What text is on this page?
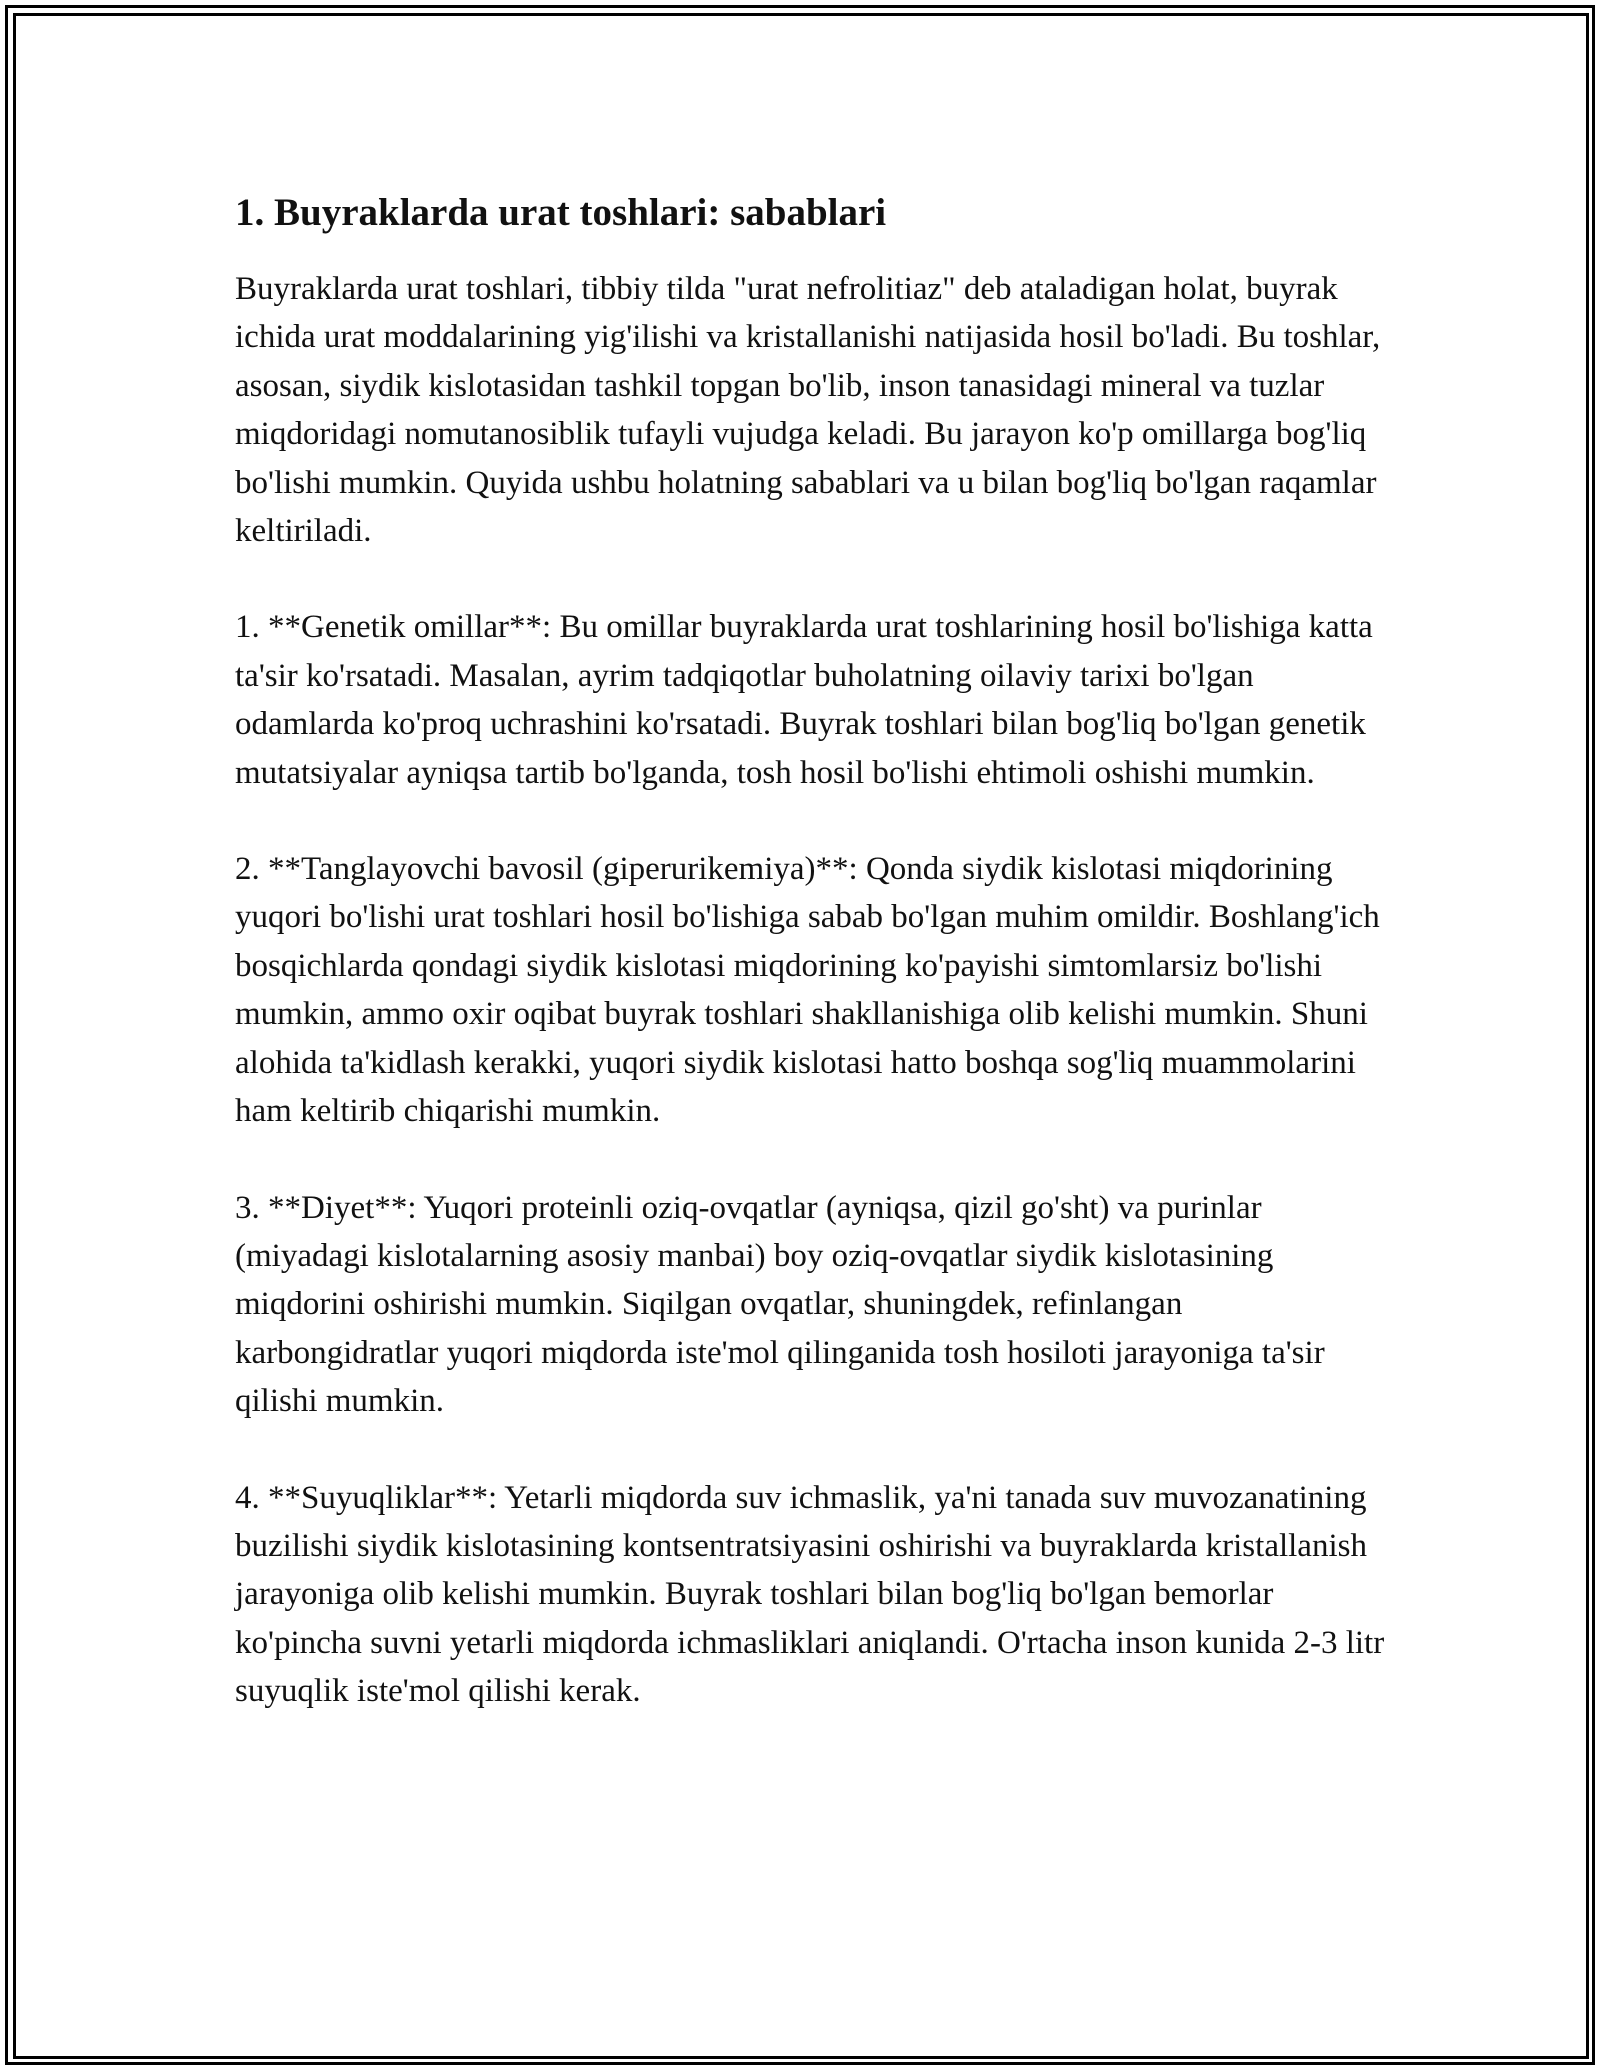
1. Buyraklarda urat toshlari: sabablari

Buyraklarda urat toshlari, tibbiy tilda "urat nefrolitiaz" deb ataladigan holat, buyrak ichida urat moddalarining yig'ilishi va kristallanishi natijasida hosil bo'ladi. Bu toshlar, asosan, siydik kislotasidan tashkil topgan bo'lib, inson tanasidagi mineral va tuzlar miqdoridagi nomutanosiblik tufayli vujudga keladi. Bu jarayon ko'p omillarga bog'liq bo'lishi mumkin. Quyida ushbu holatning sabablari va u bilan bog'liq bo'lgan raqamlar keltiriladi.

1. **Genetik omillar**: Bu omillar buyraklarda urat toshlarining hosil bo'lishiga katta ta'sir ko'rsatadi. Masalan, ayrim tadqiqotlar buholatning oilaviy tarixi bo'lgan odamlarda ko'proq uchrashini ko'rsatadi. Buyrak toshlari bilan bog'liq bo'lgan genetik mutatsiyalar ayniqsa tartib bo'lganda, tosh hosil bo'lishi ehtimoli oshishi mumkin.

2. **Tanglayovchi bavosil (giperurikemiya)**: Qonda siydik kislotasi miqdorining yuqori bo'lishi urat toshlari hosil bo'lishiga sabab bo'lgan muhim omildir. Boshlang'ich bosqichlarda qondagi siydik kislotasi miqdorining ko'payishi simtomlarsiz bo'lishi mumkin, ammo oxir oqibat buyrak toshlari shakllanishiga olib kelishi mumkin. Shuni alohida ta'kidlash kerakki, yuqori siydik kislotasi hatto boshqa sog'liq muammolarini ham keltirib chiqarishi mumkin.

3. **Diyet**: Yuqori proteinli oziq-ovqatlar (ayniqsa, qizil go'sht) va purinlar (miyadagi kislotalarning asosiy manbai) boy oziq-ovqatlar siydik kislotasining miqdorini oshirishi mumkin. Siqilgan ovqatlar, shuningdek, refinlangan karbongidratlar yuqori miqdorda iste'mol qilinganida tosh hosiloti jarayoniga ta'sir qilishi mumkin.

4. **Suyuqliklar**: Yetarli miqdorda suv ichmaslik, ya'ni tanada suv muvozanatining buzilishi siydik kislotasining kontsentratsiyasini oshirishi va buyraklarda kristallanish jarayoniga olib kelishi mumkin. Buyrak toshlari bilan bog'liq bo'lgan bemorlar ko'pincha suvni yetarli miqdorda ichmasliklari aniqlandi. O'rtacha inson kunida 2-3 litr suyuqlik iste'mol qilishi kerak.
